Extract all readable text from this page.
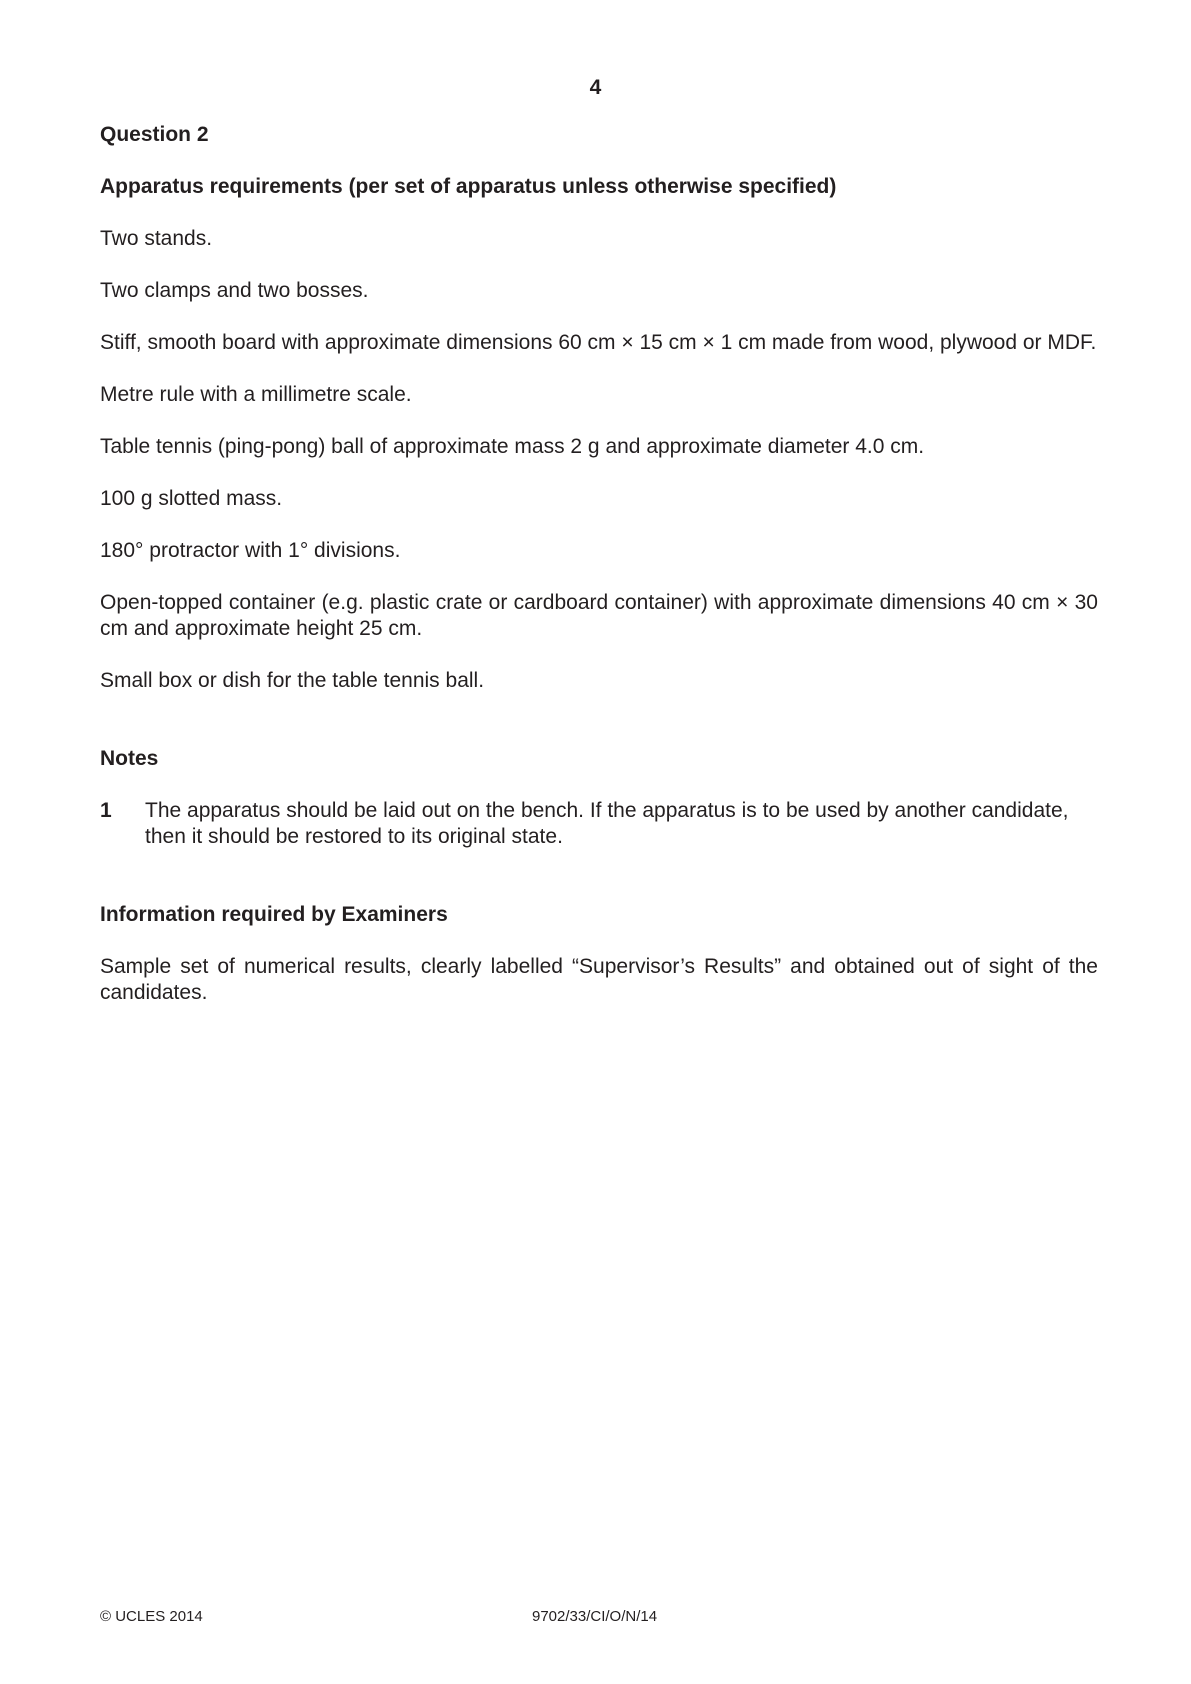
4
Question 2
Apparatus requirements (per set of apparatus unless otherwise specified)
Two stands.
Two clamps and two bosses.
Stiff, smooth board with approximate dimensions 60 cm × 15 cm × 1 cm made from wood, plywood or MDF.
Metre rule with a millimetre scale.
Table tennis (ping-pong) ball of approximate mass 2 g and approximate diameter 4.0 cm.
100 g slotted mass.
180° protractor with 1° divisions.
Open-topped container (e.g. plastic crate or cardboard container) with approximate dimensions 40 cm × 30 cm and approximate height 25 cm.
Small box or dish for the table tennis ball.
Notes
1	The apparatus should be laid out on the bench. If the apparatus is to be used by another candidate, then it should be restored to its original state.
Information required by Examiners
Sample set of numerical results, clearly labelled “Supervisor’s Results” and obtained out of sight of the candidates.
© UCLES 2014	9702/33/CI/O/N/14
